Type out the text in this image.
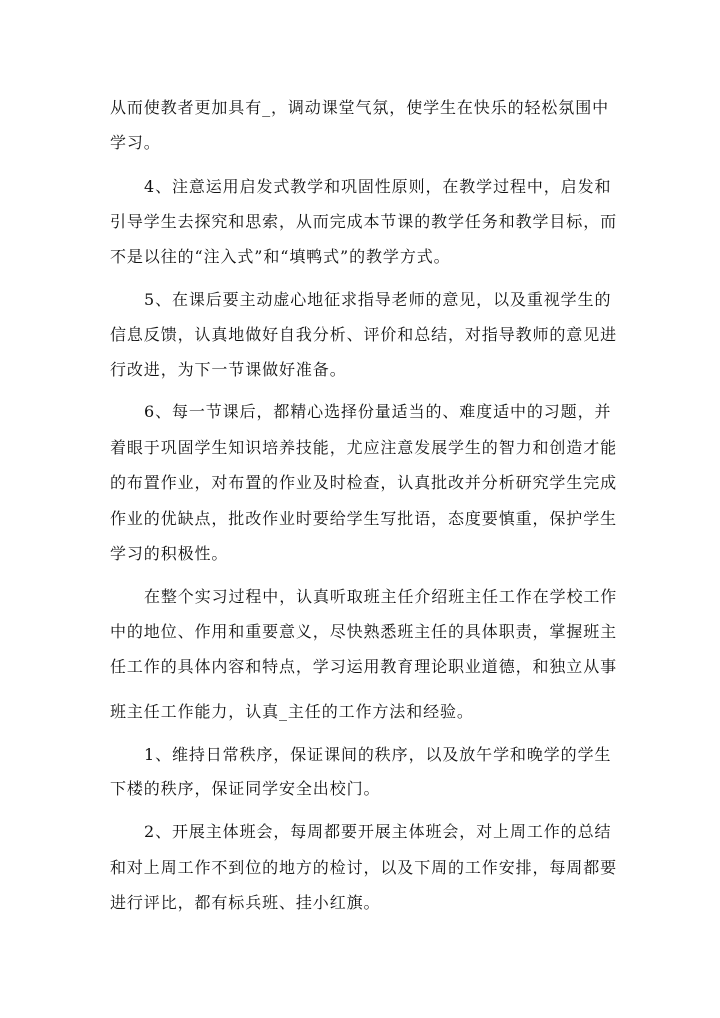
从而使教者更加具有_，调动课堂气氛，使学生在快乐的轻松氛围中
学习。
4、注意运用启发式教学和巩固性原则，在教学过程中，启发和
引导学生去探究和思索，从而完成本节课的教学任务和教学目标，而
不是以往的“注入式”和“填鸭式”的教学方式。
5、在课后要主动虚心地征求指导老师的意见，以及重视学生的
信息反馈，认真地做好自我分析、评价和总结，对指导教师的意见进
行改进，为下一节课做好准备。
6、每一节课后，都精心选择份量适当的、难度适中的习题，并
着眼于巩固学生知识培养技能，尤应注意发展学生的智力和创造才能
的布置作业，对布置的作业及时检查，认真批改并分析研究学生完成
作业的优缺点，批改作业时要给学生写批语，态度要慎重，保护学生
学习的积极性。
在整个实习过程中，认真听取班主任介绍班主任工作在学校工作
中的地位、作用和重要意义，尽快熟悉班主任的具体职责，掌握班主
任工作的具体内容和特点，学习运用教育理论职业道德，和独立从事
班主任工作能力，认真_主任的工作方法和经验。
1、维持日常秩序，保证课间的秩序，以及放午学和晚学的学生
下楼的秩序，保证同学安全出校门。
2、开展主体班会，每周都要开展主体班会，对上周工作的总结
和对上周工作不到位的地方的检讨，以及下周的工作安排，每周都要
进行评比，都有标兵班、挂小红旗。
